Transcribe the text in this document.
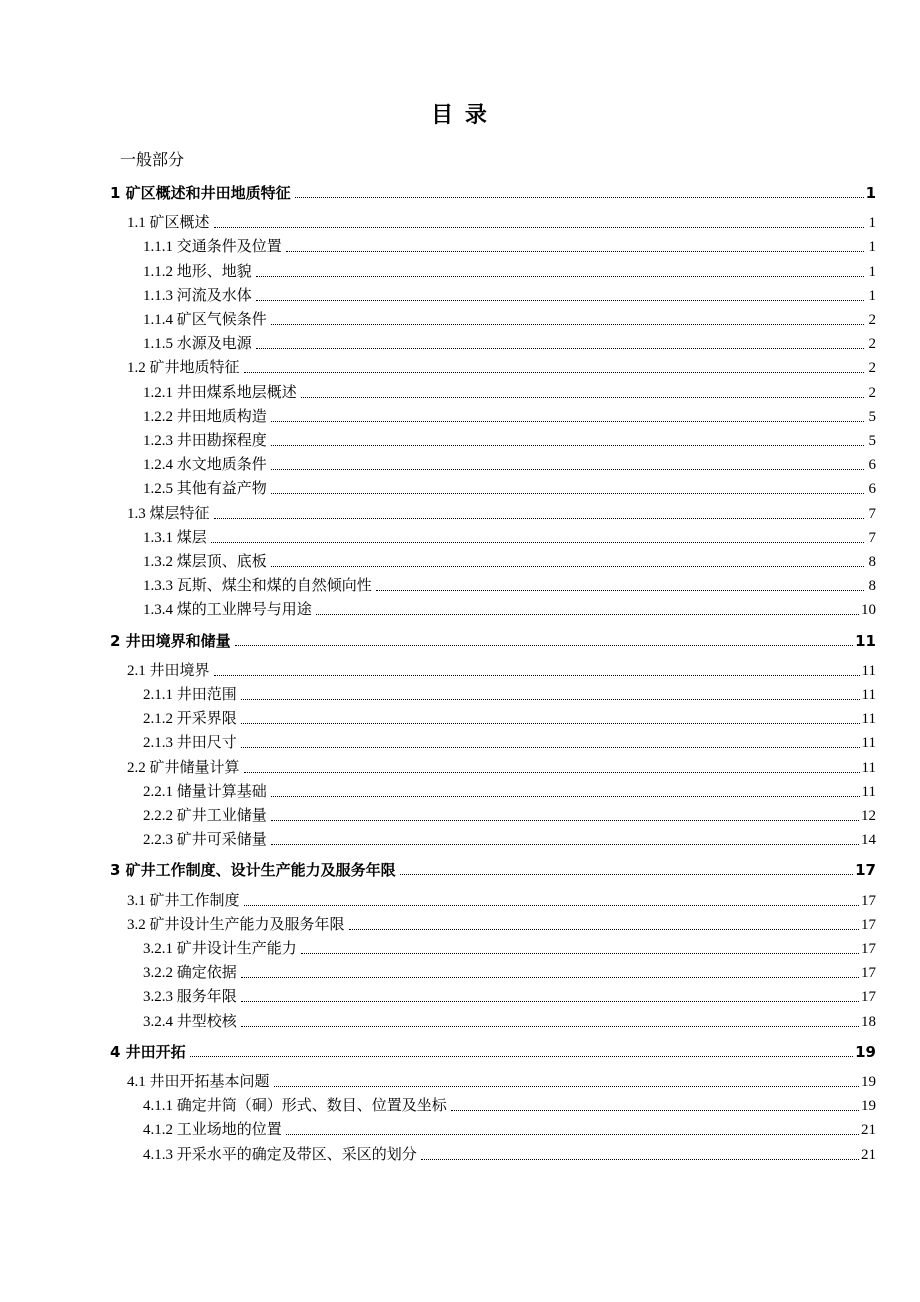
目 录
一般部分
1 矿区概述和井田地质特征	1
1.1 矿区概述	1
1.1.1 交通条件及位置	1
1.1.2 地形、地貌	1
1.1.3 河流及水体	1
1.1.4 矿区气候条件	2
1.1.5 水源及电源	2
1.2 矿井地质特征	2
1.2.1 井田煤系地层概述	2
1.2.2 井田地质构造	5
1.2.3 井田勘探程度	5
1.2.4 水文地质条件	6
1.2.5 其他有益产物	6
1.3 煤层特征	7
1.3.1 煤层	7
1.3.2 煤层顶、底板	8
1.3.3 瓦斯、煤尘和煤的自然倾向性	8
1.3.4 煤的工业牌号与用途	10
2 井田境界和储量	11
2.1 井田境界	11
2.1.1 井田范围	11
2.1.2 开采界限	11
2.1.3 井田尺寸	11
2.2 矿井储量计算	11
2.2.1 储量计算基础	11
2.2.2 矿井工业储量	12
2.2.3 矿井可采储量	14
3 矿井工作制度、设计生产能力及服务年限	17
3.1 矿井工作制度	17
3.2 矿井设计生产能力及服务年限	17
3.2.1 矿井设计生产能力	17
3.2.2 确定依据	17
3.2.3 服务年限	17
3.2.4 井型校核	18
4 井田开拓	19
4.1 井田开拓基本问题	19
4.1.1 确定井筒（硐）形式、数目、位置及坐标	19
4.1.2 工业场地的位置	21
4.1.3 开采水平的确定及带区、采区的划分	21
